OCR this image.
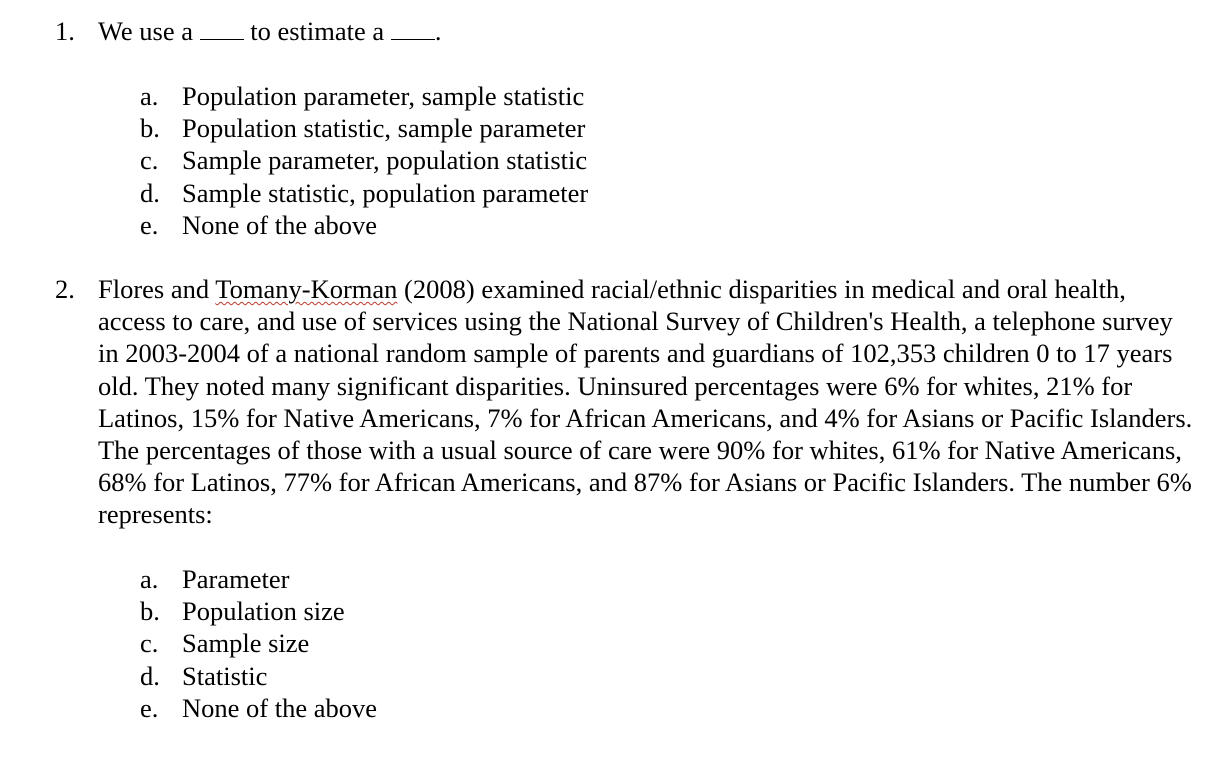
1. We use a to estimate a .
a. Population parameter, sample statistic
b. Population statistic, sample parameter
c. Sample parameter, population statistic
d. Sample statistic, population parameter
e. None of the above
2. Flores and Tomany-Korman (2008) examined racial/ethnic disparities in medical and oral health, access to care, and use of services using the National Survey of Children's Health, a telephone survey in 2003-2004 of a national random sample of parents and guardians of 102,353 children 0 to 17 years old. They noted many significant disparities. Uninsured percentages were 6% for whites, 21% for Latinos, 15% for Native Americans, 7% for African Americans, and 4% for Asians or Pacific Islanders. The percentages of those with a usual source of care were 90% for whites, 61% for Native Americans, 68% for Latinos, 77% for African Americans, and 87% for Asians or Pacific Islanders. The number 6% represents:
a. Parameter
b. Population size
c. Sample size
d. Statistic
e. None of the above
